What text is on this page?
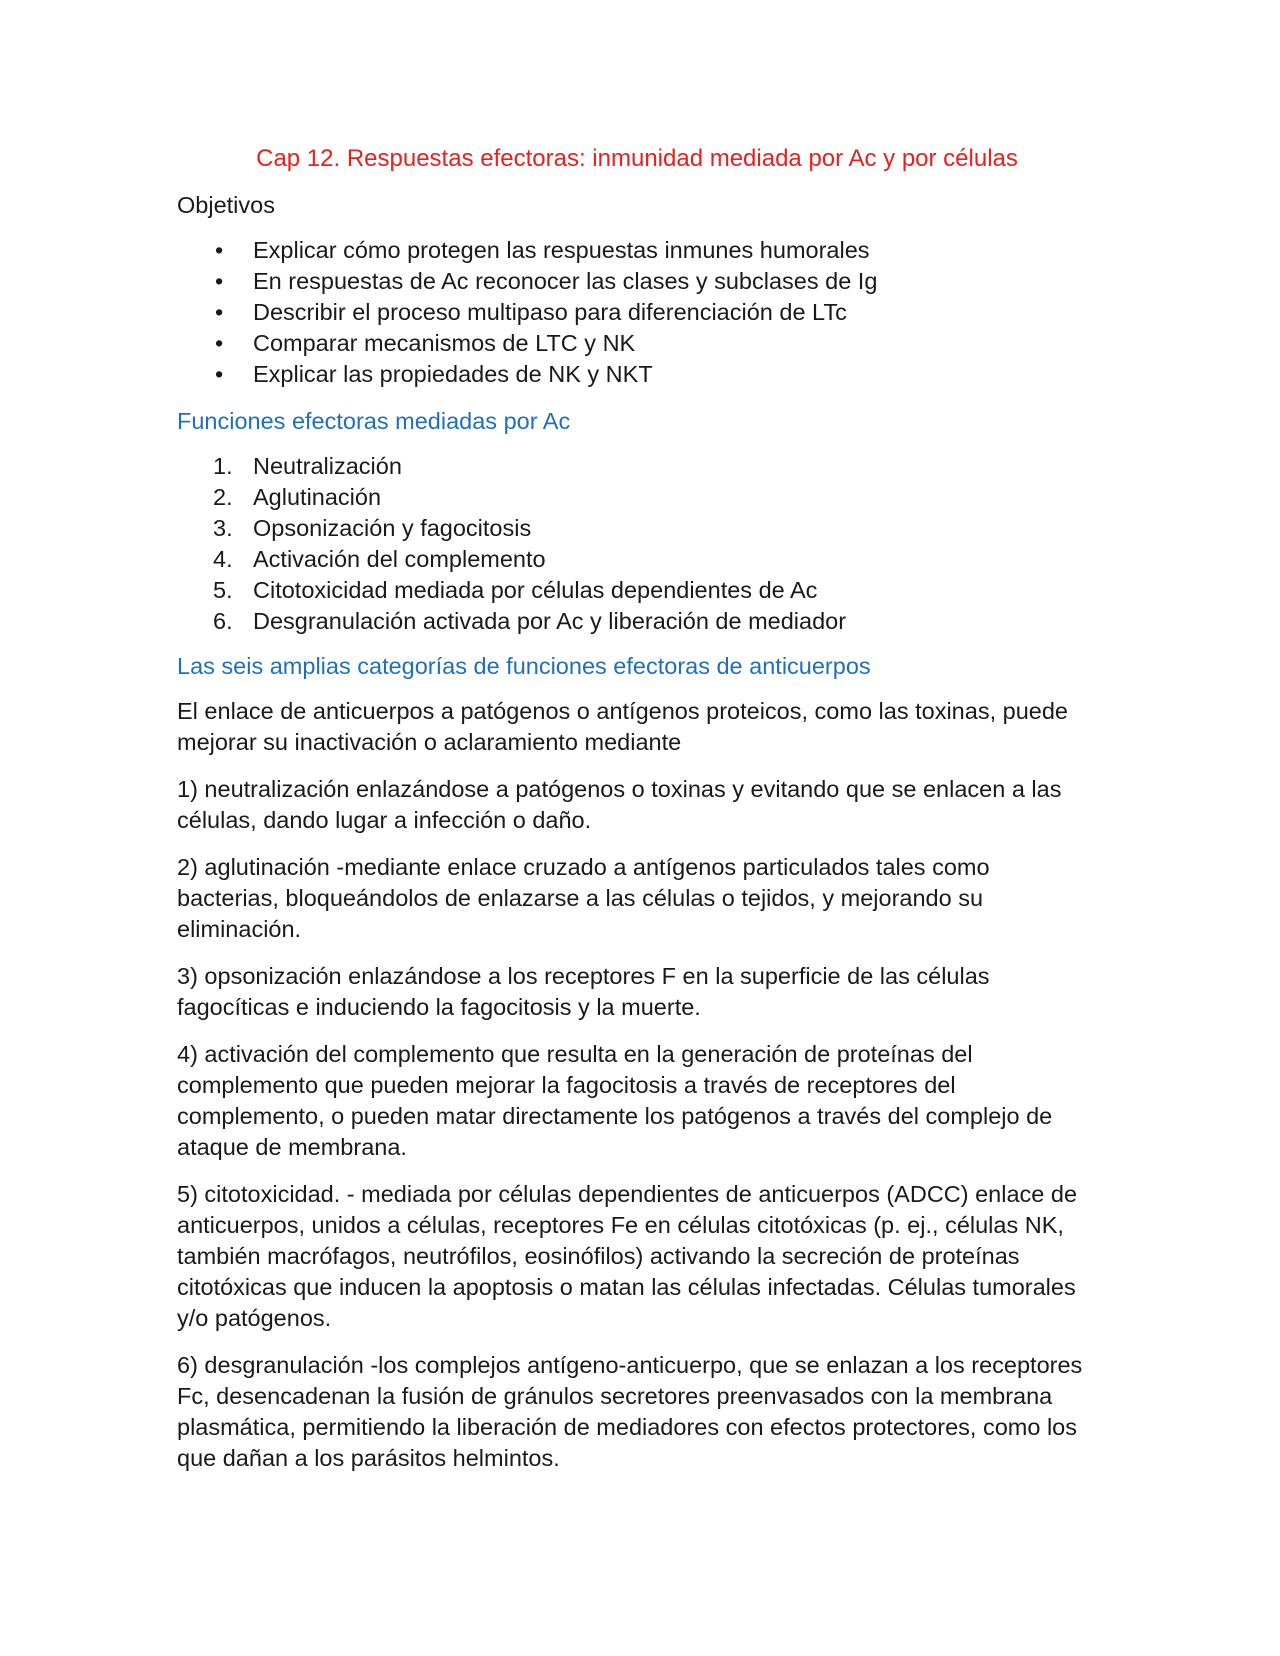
Cap 12. Respuestas efectoras: inmunidad mediada por Ac y por células
Objetivos
• Explicar cómo protegen las respuestas inmunes humorales
• En respuestas de Ac reconocer las clases y subclases de Ig
• Describir el proceso multipaso para diferenciación de LTc
• Comparar mecanismos de LTC y NK
• Explicar las propiedades de NK y NKT
Funciones efectoras mediadas por Ac
1. Neutralización
2. Aglutinación
3. Opsonización y fagocitosis
4. Activación del complemento
5. Citotoxicidad mediada por células dependientes de Ac
6. Desgranulación activada por Ac y liberación de mediador
Las seis amplias categorías de funciones efectoras de anticuerpos

El enlace de anticuerpos a patógenos o antígenos proteicos, como las toxinas, puede mejorar su inactivación o aclaramiento mediante

1) neutralización enlazándose a patógenos o toxinas y evitando que se enlacen a las células, dando lugar a infección o daño.

2) aglutinación -mediante enlace cruzado a antígenos particulados tales como bacterias, bloqueándolos de enlazarse a las células o tejidos, y mejorando su eliminación.

3) opsonización enlazándose a los receptores F en la superficie de las células fagocíticas e induciendo la fagocitosis y la muerte.

4) activación del complemento que resulta en la generación de proteínas del complemento que pueden mejorar la fagocitosis a través de receptores del complemento, o pueden matar directamente los patógenos a través del complejo de ataque de membrana.

5) citotoxicidad. - mediada por células dependientes de anticuerpos (ADCC) enlace de anticuerpos, unidos a células, receptores Fe en células citotóxicas (p. ej., células NK, también macrófagos, neutrófilos, eosinófilos) activando la secreción de proteínas citotóxicas que inducen la apoptosis o matan las células infectadas. Células tumorales y/o patógenos.

6) desgranulación -los complejos antígeno-anticuerpo, que se enlazan a los receptores Fc, desencadenan la fusión de gránulos secretores preenvasados con la membrana plasmática, permitiendo la liberación de mediadores con efectos protectores, como los que dañan a los parásitos helmintos.
